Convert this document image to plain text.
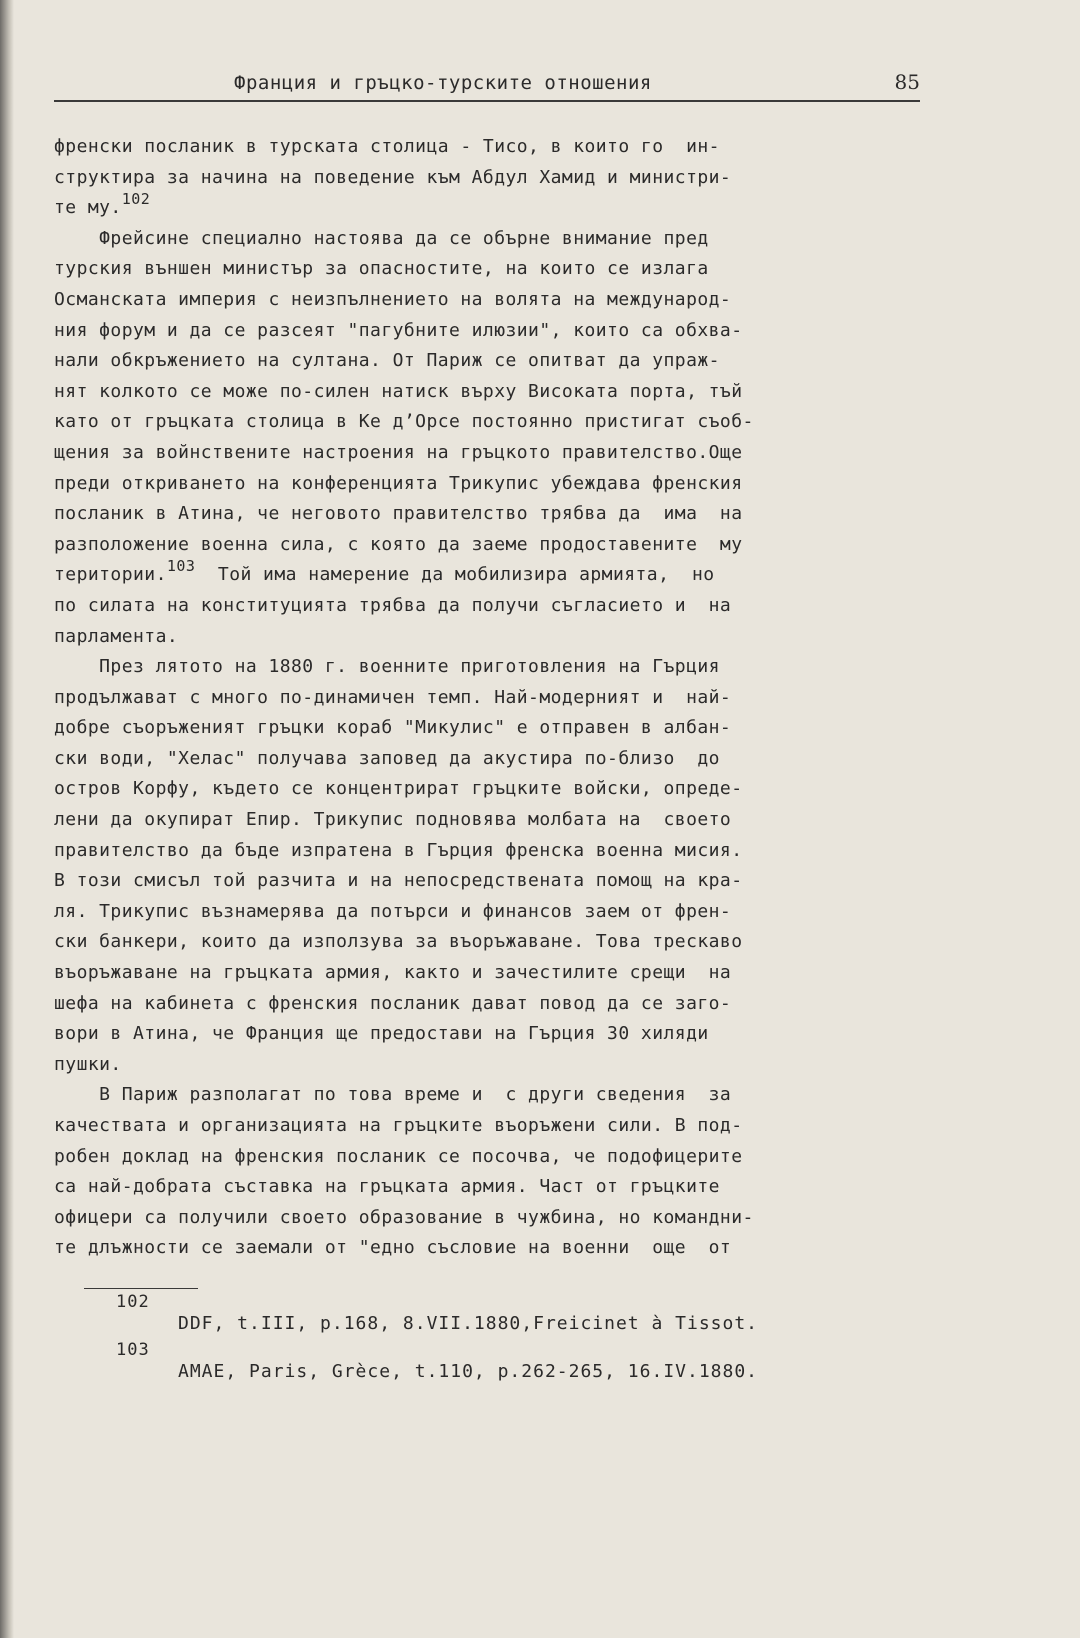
Франция и гръцко-турските отношения	85
френски посланик в турската столица - Тисо, в които го  ин-
структира за начина на поведение към Абдул Хамид и министри-
те му.$^{102}$
Фрейсине специално настоява да се обърне внимание пред
турския външен министър за опасностите, на които се излага
Османската империя с неизпълнението на волята на международ-
ния форум и да се разсеят "пагубните илюзии", които са обхва-
нали обкръжението на султана. От Париж се опитват да упраж-
нят колкото се може по-силен натиск върху Високата порта, тъй
като от гръцката столица в Ке д’Орсе постоянно пристигат съоб-
щения за войнствените настроения на гръцкото правителство.Още
преди откриването на конференцията Трикупис убеждава френския
посланик в Атина, че неговото правителство трябва да  има  на
разположение военна сила, с която да заеме продоставените  му
територии.$^{103}$  Той има намерение да мобилизира армията,  но
по силата на конституцията трябва да получи съгласието и  на
парламента.
През лятото на 1880 г. военните приготовления на Гърция
продължават с много по-динамичен темп. Най-модерният и  най-
добре съоръженият гръцки кораб "Микулис" е отправен в албан-
ски води, "Хелас" получава заповед да акустира по-близо  до
остров Корфу, където се концентрират гръцките войски, опреде-
лени да окупират Епир. Трикупис подновява молбата на  своето
правителство да бъде изпратена в Гърция френска военна мисия.
В този смисъл той разчита и на непосредствената помощ на кра-
ля. Трикупис възнамерява да потърси и финансов заем от френ-
ски банкери, които да използува за въоръжаване. Това трескаво
въоръжаване на гръцката армия, както и зачестилите срещи  на
шефа на кабинета с френския посланик дават повод да се заго-
вори в Атина, че Франция ще предостави на Гърция 30 хиляди
пушки.
В Париж разполагат по това време и  с други сведения  за
качествата и организацията на гръцките въоръжени сили. В под-
робен доклад на френския посланик се посочва, че подофицерите
са най-добрата съставка на гръцката армия. Част от гръцките
офицери са получили своето образование в чужбина, но командни-
те длъжности се заемали от "едно съсловие на военни  още  от
102
DDF, t.III, p.168, 8.VII.1880,Freicinet à Tissot.
103
AMAE, Paris, Grèce, t.110, p.262-265, 16.IV.1880.
